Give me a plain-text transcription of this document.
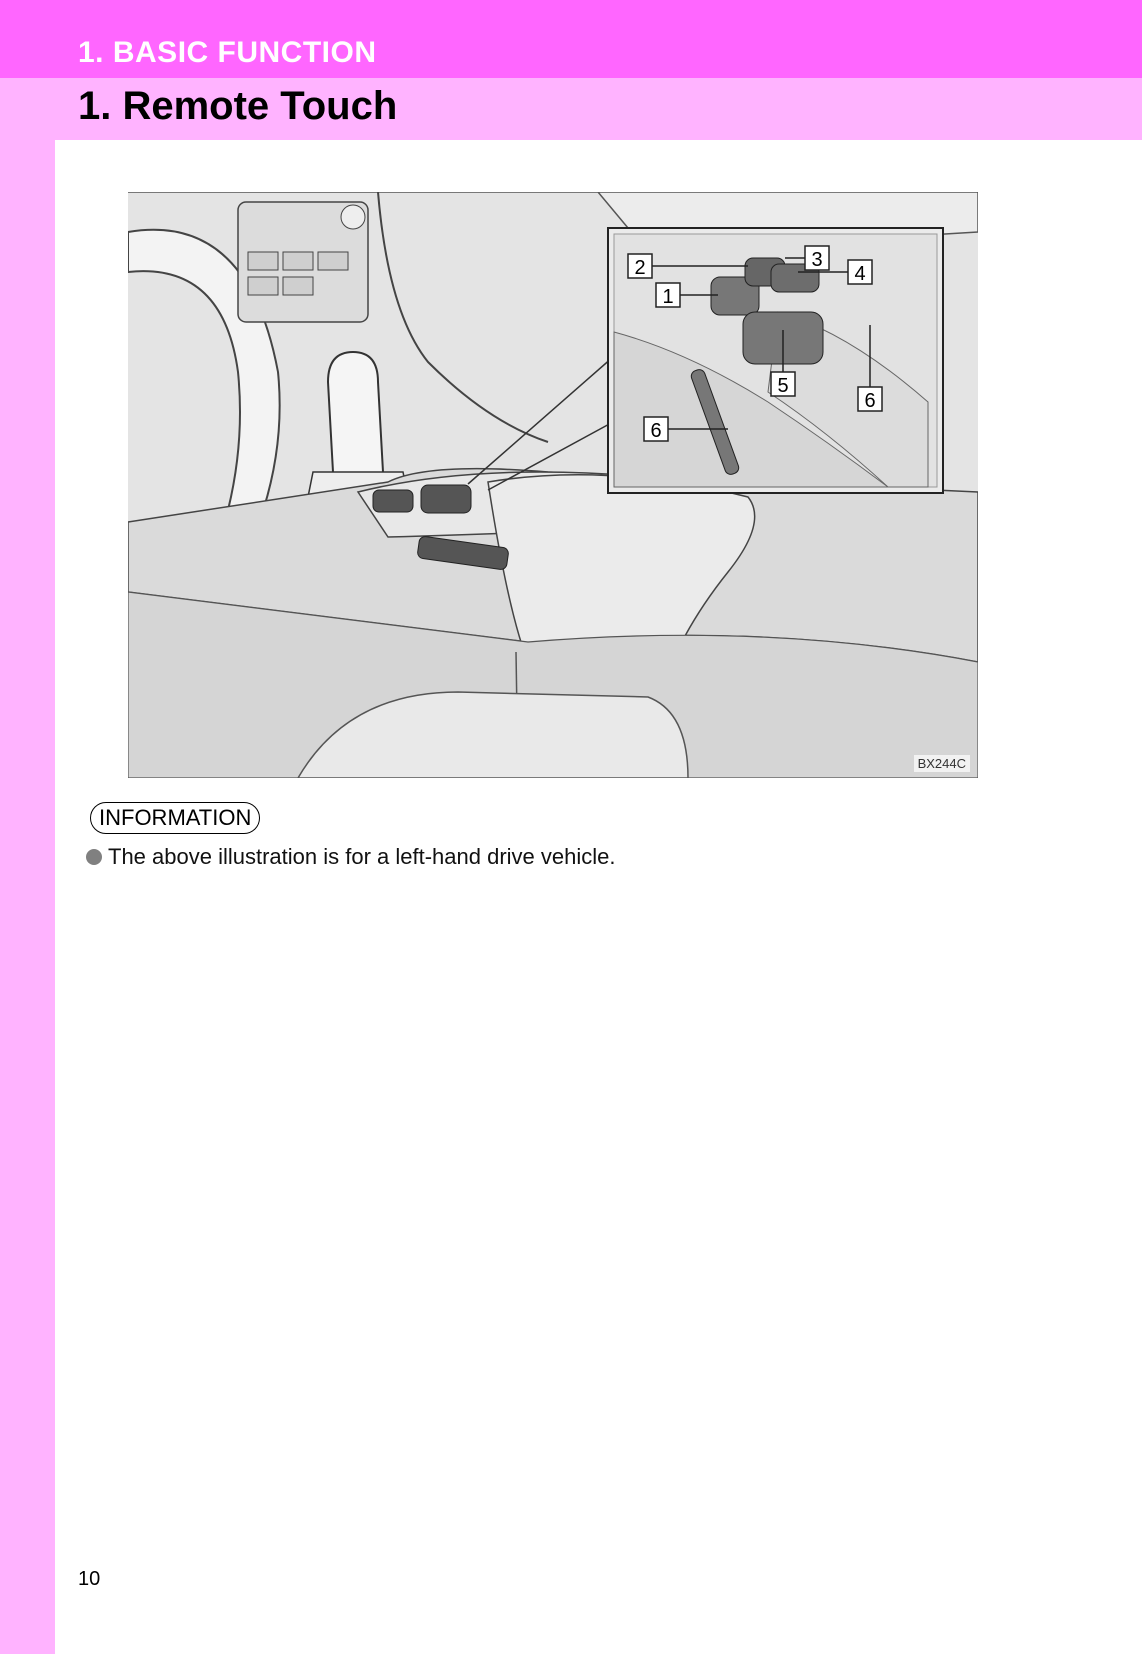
1. BASIC FUNCTION
1. Remote Touch
2
1
3
4
5
6
6
BX244C
INFORMATION
The above illustration is for a left-hand drive vehicle.
10
